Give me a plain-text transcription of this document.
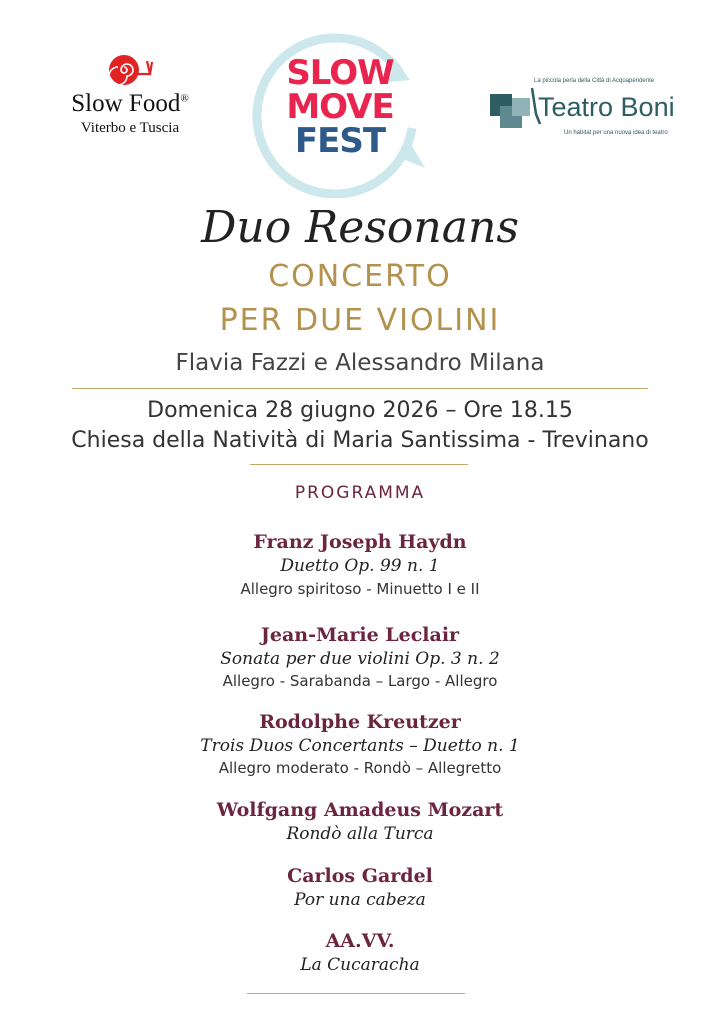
Slow Food®
Viterbo e Tuscia
SLOW
MOVE
FEST
La piccola perla della Città di Acquapendente
Teatro Boni
Un habitat per una nuova idea di teatro
Duo Resonans
CONCERTO
PER DUE VIOLINI
Flavia Fazzi e Alessandro Milana
Domenica 28 giugno 2026 – Ore 18.15
Chiesa della Natività di Maria Santissima - Trevinano
PROGRAMMA
Franz Joseph Haydn
Duetto Op. 99 n. 1
Allegro spiritoso - Minuetto I e II
Jean-Marie Leclair
Sonata per due violini Op. 3 n. 2
Allegro - Sarabanda – Largo - Allegro
Rodolphe Kreutzer
Trois Duos Concertants – Duetto n. 1
Allegro moderato - Rondò – Allegretto
Wolfgang Amadeus Mozart
Rondò alla Turca
Carlos Gardel
Por una cabeza
AA.VV.
La Cucaracha
